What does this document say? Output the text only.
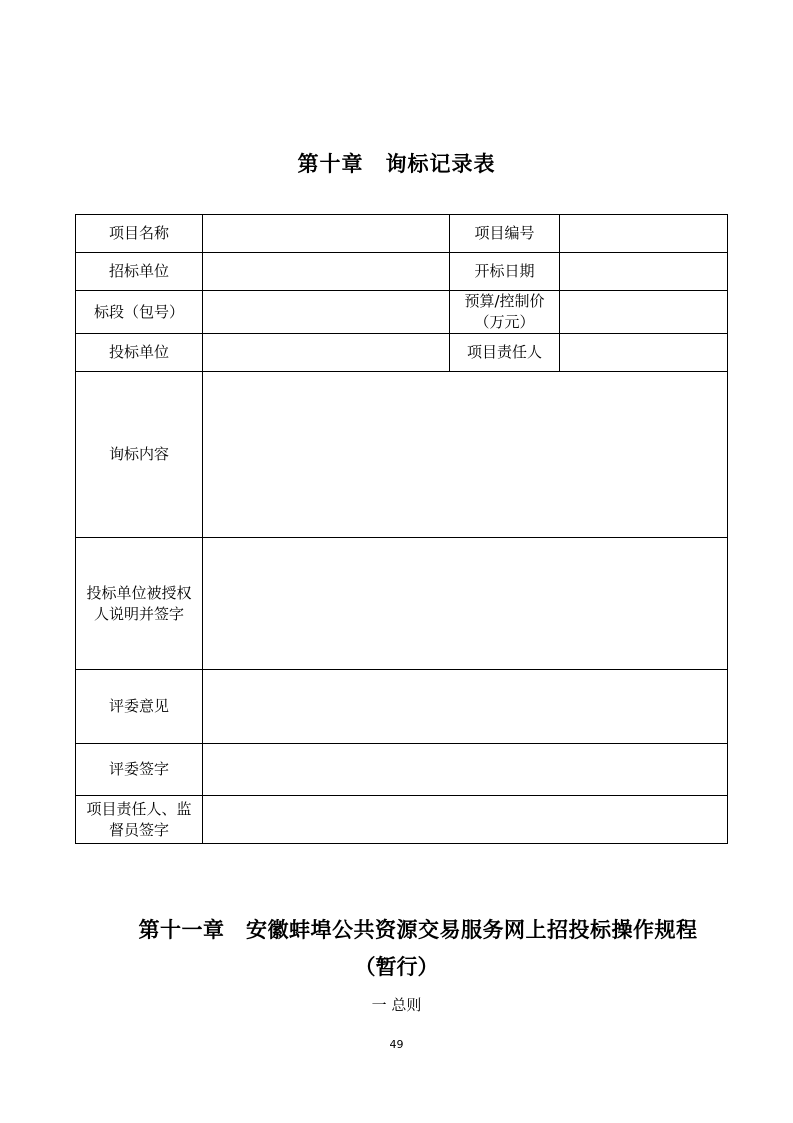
第十章　询标记录表
项目名称		项目编号	
招标单位		开标日期	
标段（包号）		预算/控制价
（万元）	

投标单位		项目责任人	
询标内容			

投标单位被授权
人说明并签字			

评委意见			
评委签字			

项目责任人、监
督员签字			

第十一章　安徽蚌埠公共资源交易服务网上招投标操作规程
（暂行）
一 总则
49
